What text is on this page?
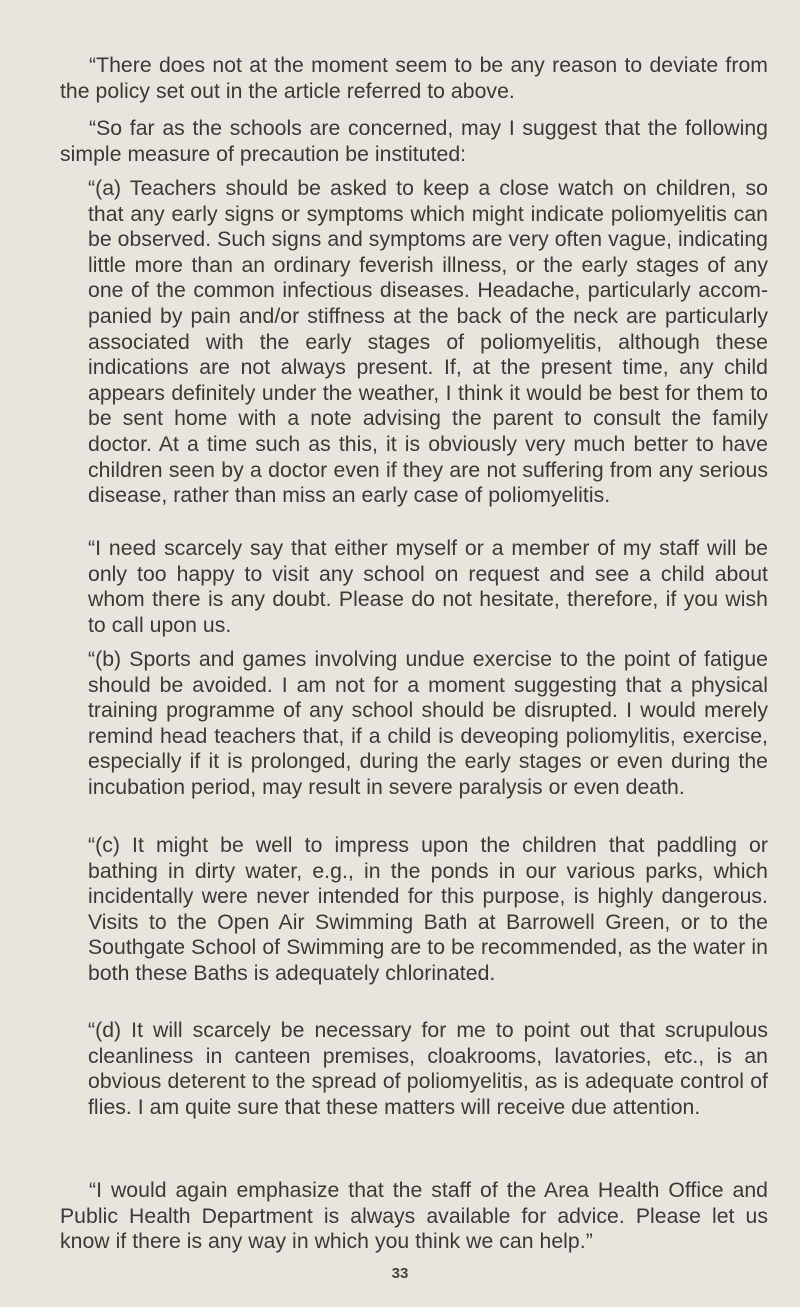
“There does not at the moment seem to be any reason to deviate from the policy set out in the article referred to above.

“So far as the schools are concerned, may I suggest that the following simple measure of precaution be instituted:

“(a) Teachers should be asked to keep a close watch on children, so that any early signs or symptoms which might indicate poliomyelitis can be observed. Such signs and symptoms are very often vague, indicating little more than an ordinary feverish illness, or the early stages of any one of the common infectious diseases. Headache, particularly accompanied by pain and/or stiffness at the back of the neck are particularly associated with the early stages of poliomyelitis, although these indications are not always present. If, at the present time, any child appears definitely under the weather, I think it would be best for them to be sent home with a note advising the parent to consult the family doctor. At a time such as this, it is obviously very much better to have children seen by a doctor even if they are not suffering from any serious disease, rather than miss an early case of poliomyelitis.

“I need scarcely say that either myself or a member of my staff will be only too happy to visit any school on request and see a child about whom there is any doubt. Please do not hesitate, therefore, if you wish to call upon us.

“(b) Sports and games involving undue exercise to the point of fatigue should be avoided. I am not for a moment suggesting that a physical training programme of any school should be disrupted. I would merely remind head teachers that, if a child is deveoping poliomylitis, exercise, especially if it is prolonged, during the early stages or even during the incubation period, may result in severe paralysis or even death.

“(c) It might be well to impress upon the children that paddling or bathing in dirty water, e.g., in the ponds in our various parks, which incidentally were never intended for this purpose, is highly dangerous. Visits to the Open Air Swimming Bath at Barrowell Green, or to the Southgate School of Swimming are to be recommended, as the water in both these Baths is adequately chlorinated.

“(d) It will scarcely be necessary for me to point out that scrupulous cleanliness in canteen premises, cloakrooms, lavatories, etc., is an obvious deterent to the spread of poliomyelitis, as is adequate control of flies. I am quite sure that these matters will receive due attention.

“I would again emphasize that the staff of the Area Health Office and Public Health Department is always available for advice. Please let us know if there is any way in which you think we can help.”

33
